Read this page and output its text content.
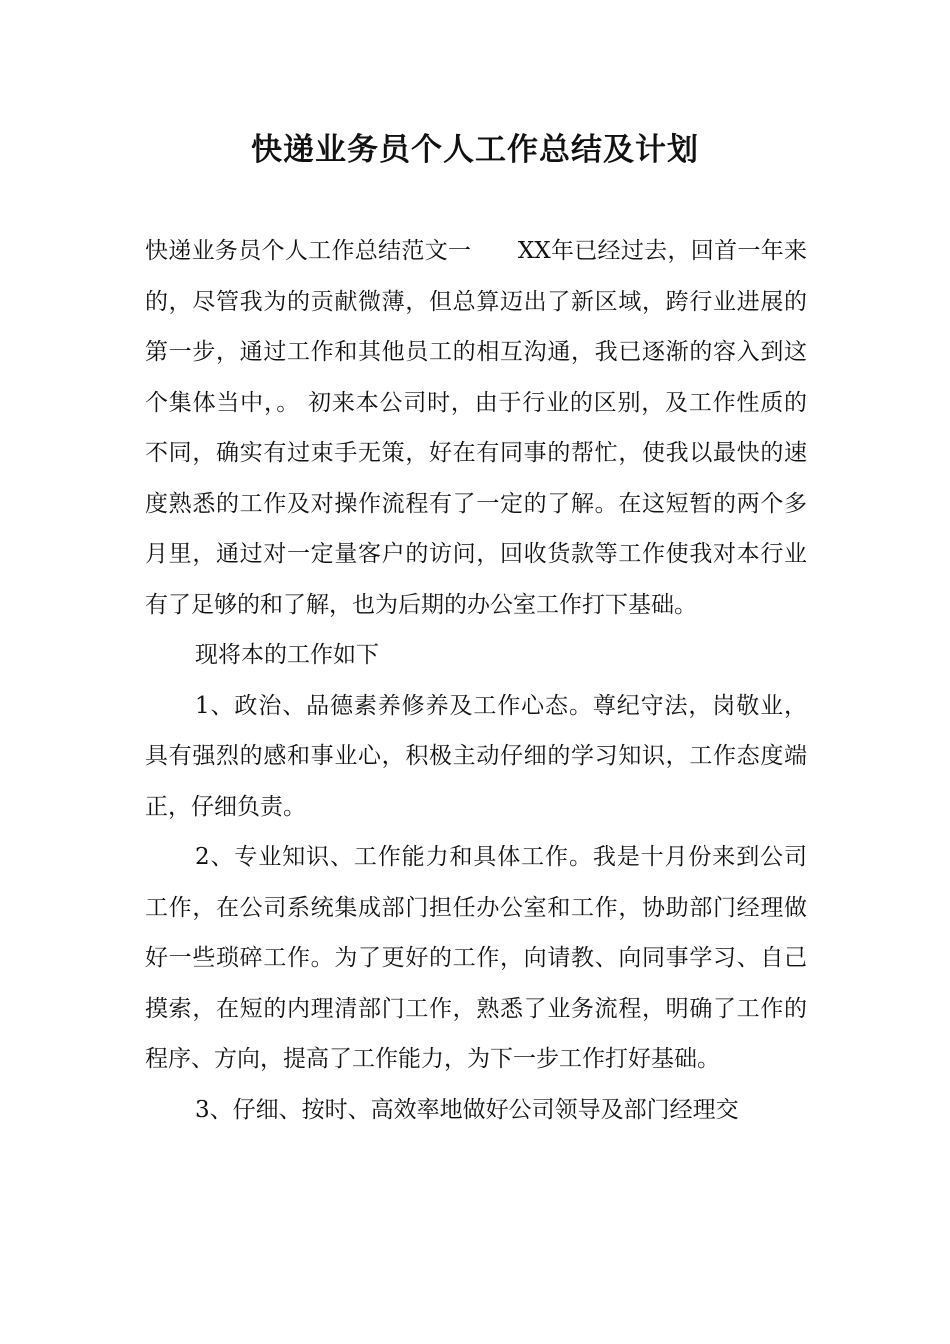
快递业务员个人工作总结及计划

快递业务员个人工作总结范文一　　XX年已经过去，回首一年来的，尽管我为的贡献微薄，但总算迈出了新区域，跨行业进展的第一步，通过工作和其他员工的相互沟通，我已逐渐的容入到这个集体当中，。 初来本公司时，由于行业的区别，及工作性质的不同，确实有过束手无策，好在有同事的帮忙，使我以最快的速度熟悉的工作及对操作流程有了一定的了解。在这短暂的两个多月里，通过对一定量客户的访问，回收货款等工作使我对本行业有了足够的和了解，也为后期的办公室工作打下基础。

现将本的工作如下

1、政治、品德素养修养及工作心态。尊纪守法，岗敬业，具有强烈的感和事业心，积极主动仔细的学习知识，工作态度端正，仔细负责。

2、专业知识、工作能力和具体工作。我是十月份来到公司工作，在公司系统集成部门担任办公室和工作，协助部门经理做好一些琐碎工作。为了更好的工作，向请教、向同事学习、自己摸索，在短的内理清部门工作，熟悉了业务流程，明确了工作的程序、方向，提高了工作能力，为下一步工作打好基础。

3、仔细、按时、高效率地做好公司领导及部门经理交
